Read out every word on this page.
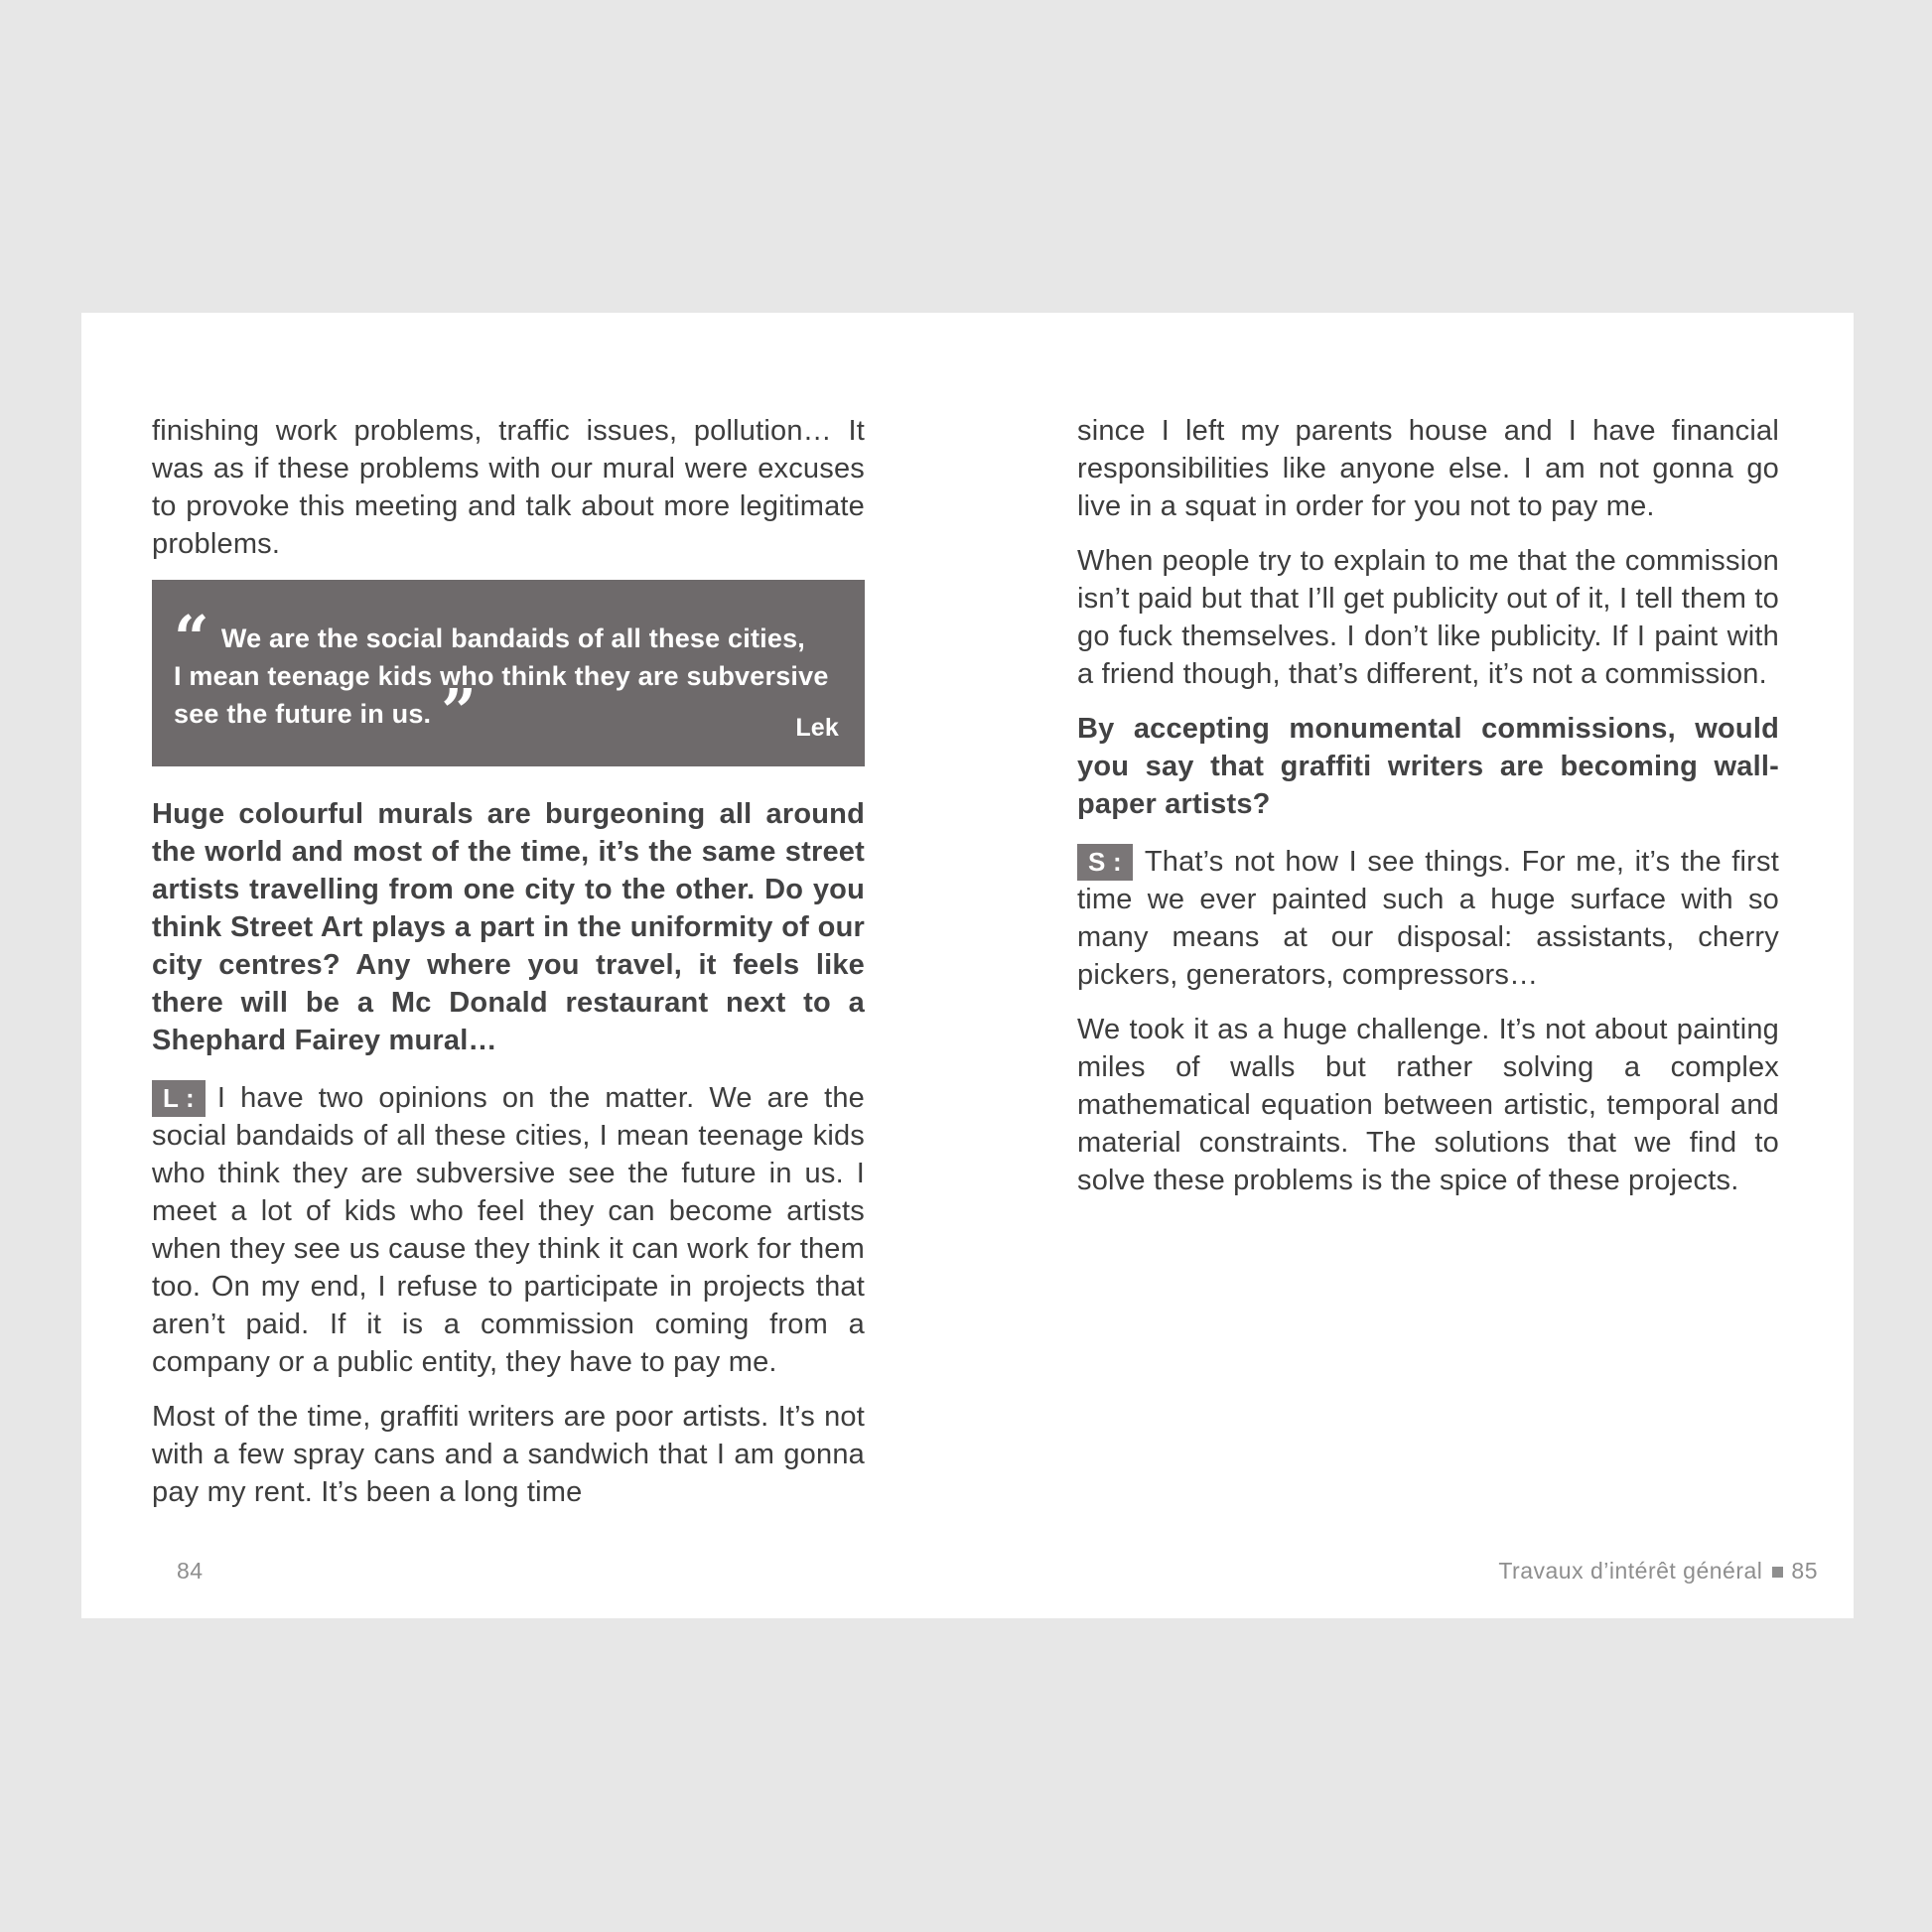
finishing work problems, traffic issues, pollution… It was as if these problems with our mural were excuses to provoke this meeting and talk about more legitimate problems.

“ We are the social bandaids of all these cities,
I mean teenage kids who think they are subversive
see the future in us. ”	Lek

Huge colourful murals are burgeoning all around the world and most of the time, it’s the same street artists travelling from one city to the other. Do you think Street Art plays a part in the uniformity of our city centres? Any where you travel, it feels like there will be a Mc Donald restaurant next to a Shephard Fairey mural…

L : I have two opinions on the matter. We are the social bandaids of all these cities, I mean teenage kids who think they are subversive see the future in us. I meet a lot of kids who feel they can become artists when they see us cause they think it can work for them too. On my end, I refuse to participate in projects that aren’t paid. If it is a commission coming from a company or a public entity, they have to pay me.

Most of the time, graffiti writers are poor artists. It’s not with a few spray cans and a sandwich that I am gonna pay my rent. It’s been a long time

since I left my parents house and I have financial responsibilities like anyone else. I am not gonna go live in a squat in order for you not to pay me.

When people try to explain to me that the commission isn’t paid but that I’ll get publicity out of it, I tell them to go fuck themselves. I don’t like publicity. If I paint with a friend though, that’s different, it’s not a commission.

By accepting monumental commissions, would you say that graffiti writers are becoming wall-paper artists?

S : That’s not how I see things. For me, it’s the first time we ever painted such a huge surface with so many means at our disposal: assistants, cherry pickers, generators, compressors…

We took it as a huge challenge. It’s not about painting miles of walls but rather solving a complex mathematical equation between artistic, temporal and material constraints. The solutions that we find to solve these problems is the spice of these projects.

84	Travaux d’intérêt général 85
